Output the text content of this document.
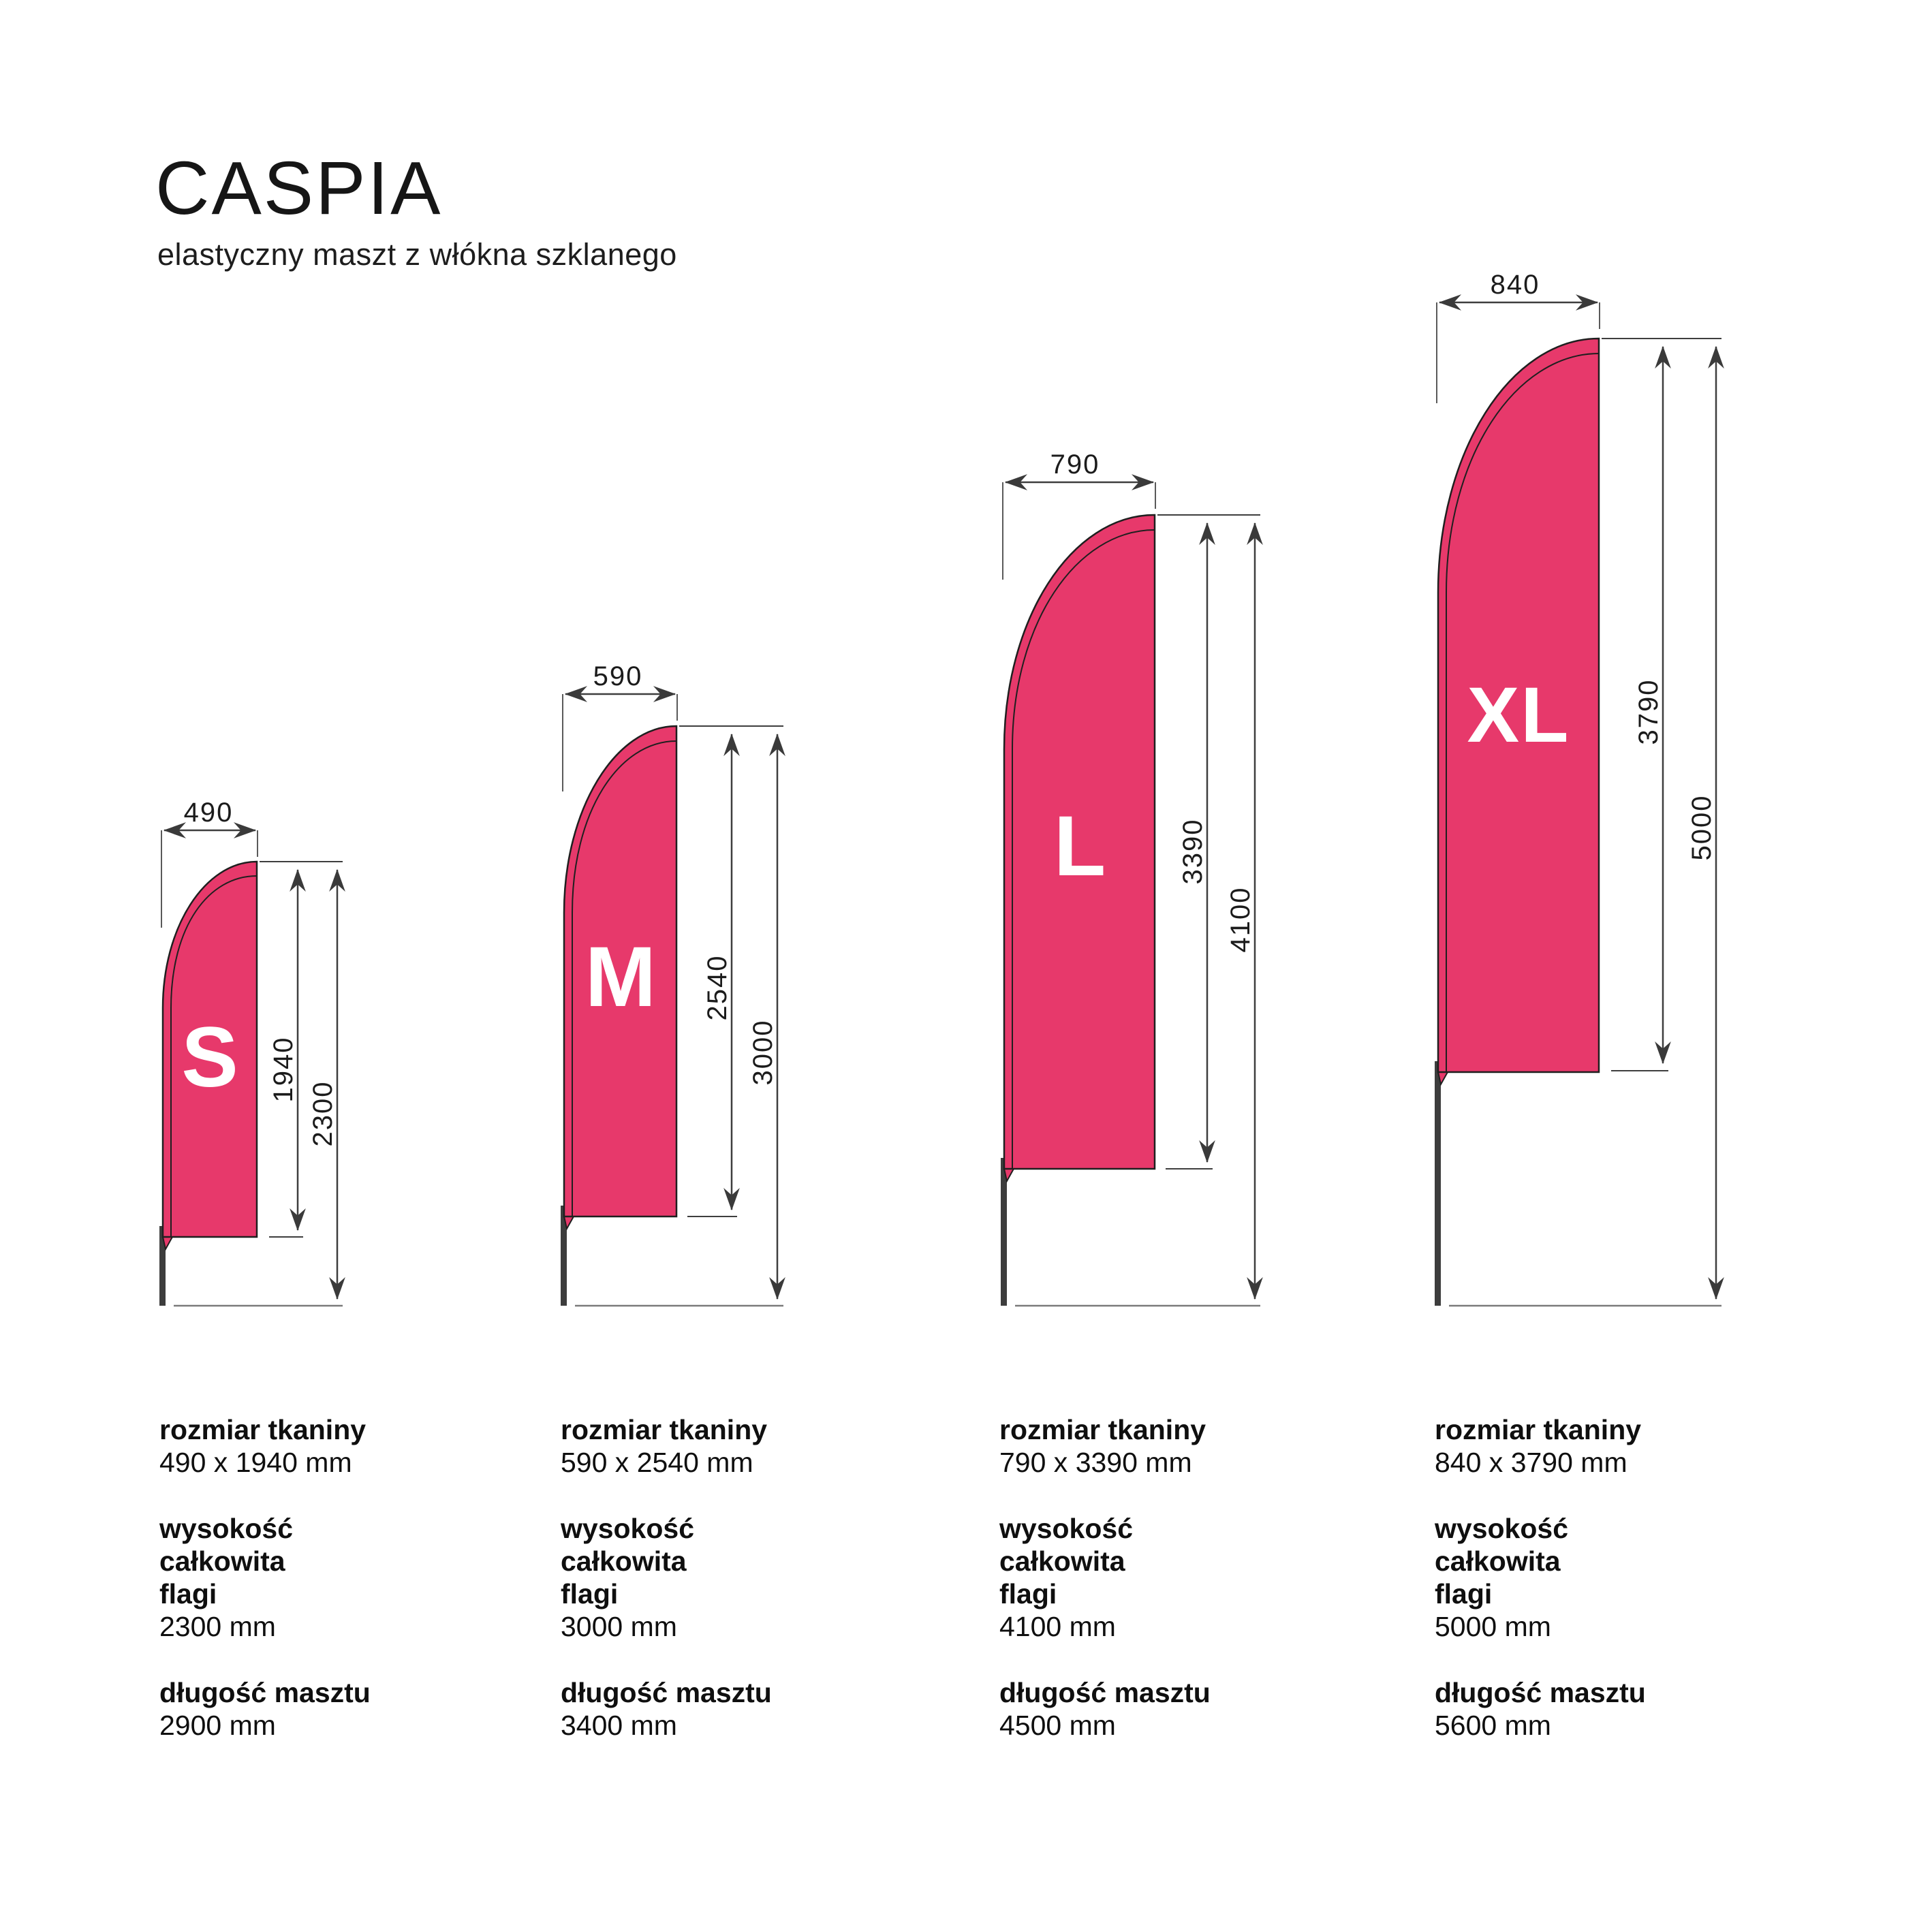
CASPIA
elastyczny maszt z włókna szklanego
S
490
1940
2300
M
590
2540
3000
L
790
3390
4100
XL
840
3790
5000
rozmiar tkaniny
490 x 1940 mm
wysokość całkowita
flagi
2300 mm
długość masztu
2900 mm
rozmiar tkaniny
590 x 2540 mm
wysokość całkowita
flagi
3000 mm
długość masztu
3400 mm
rozmiar tkaniny
790 x 3390 mm
wysokość całkowita
flagi
4100 mm
długość masztu
4500 mm
rozmiar tkaniny
840 x 3790 mm
wysokość całkowita
flagi
5000 mm
długość masztu
5600 mm
